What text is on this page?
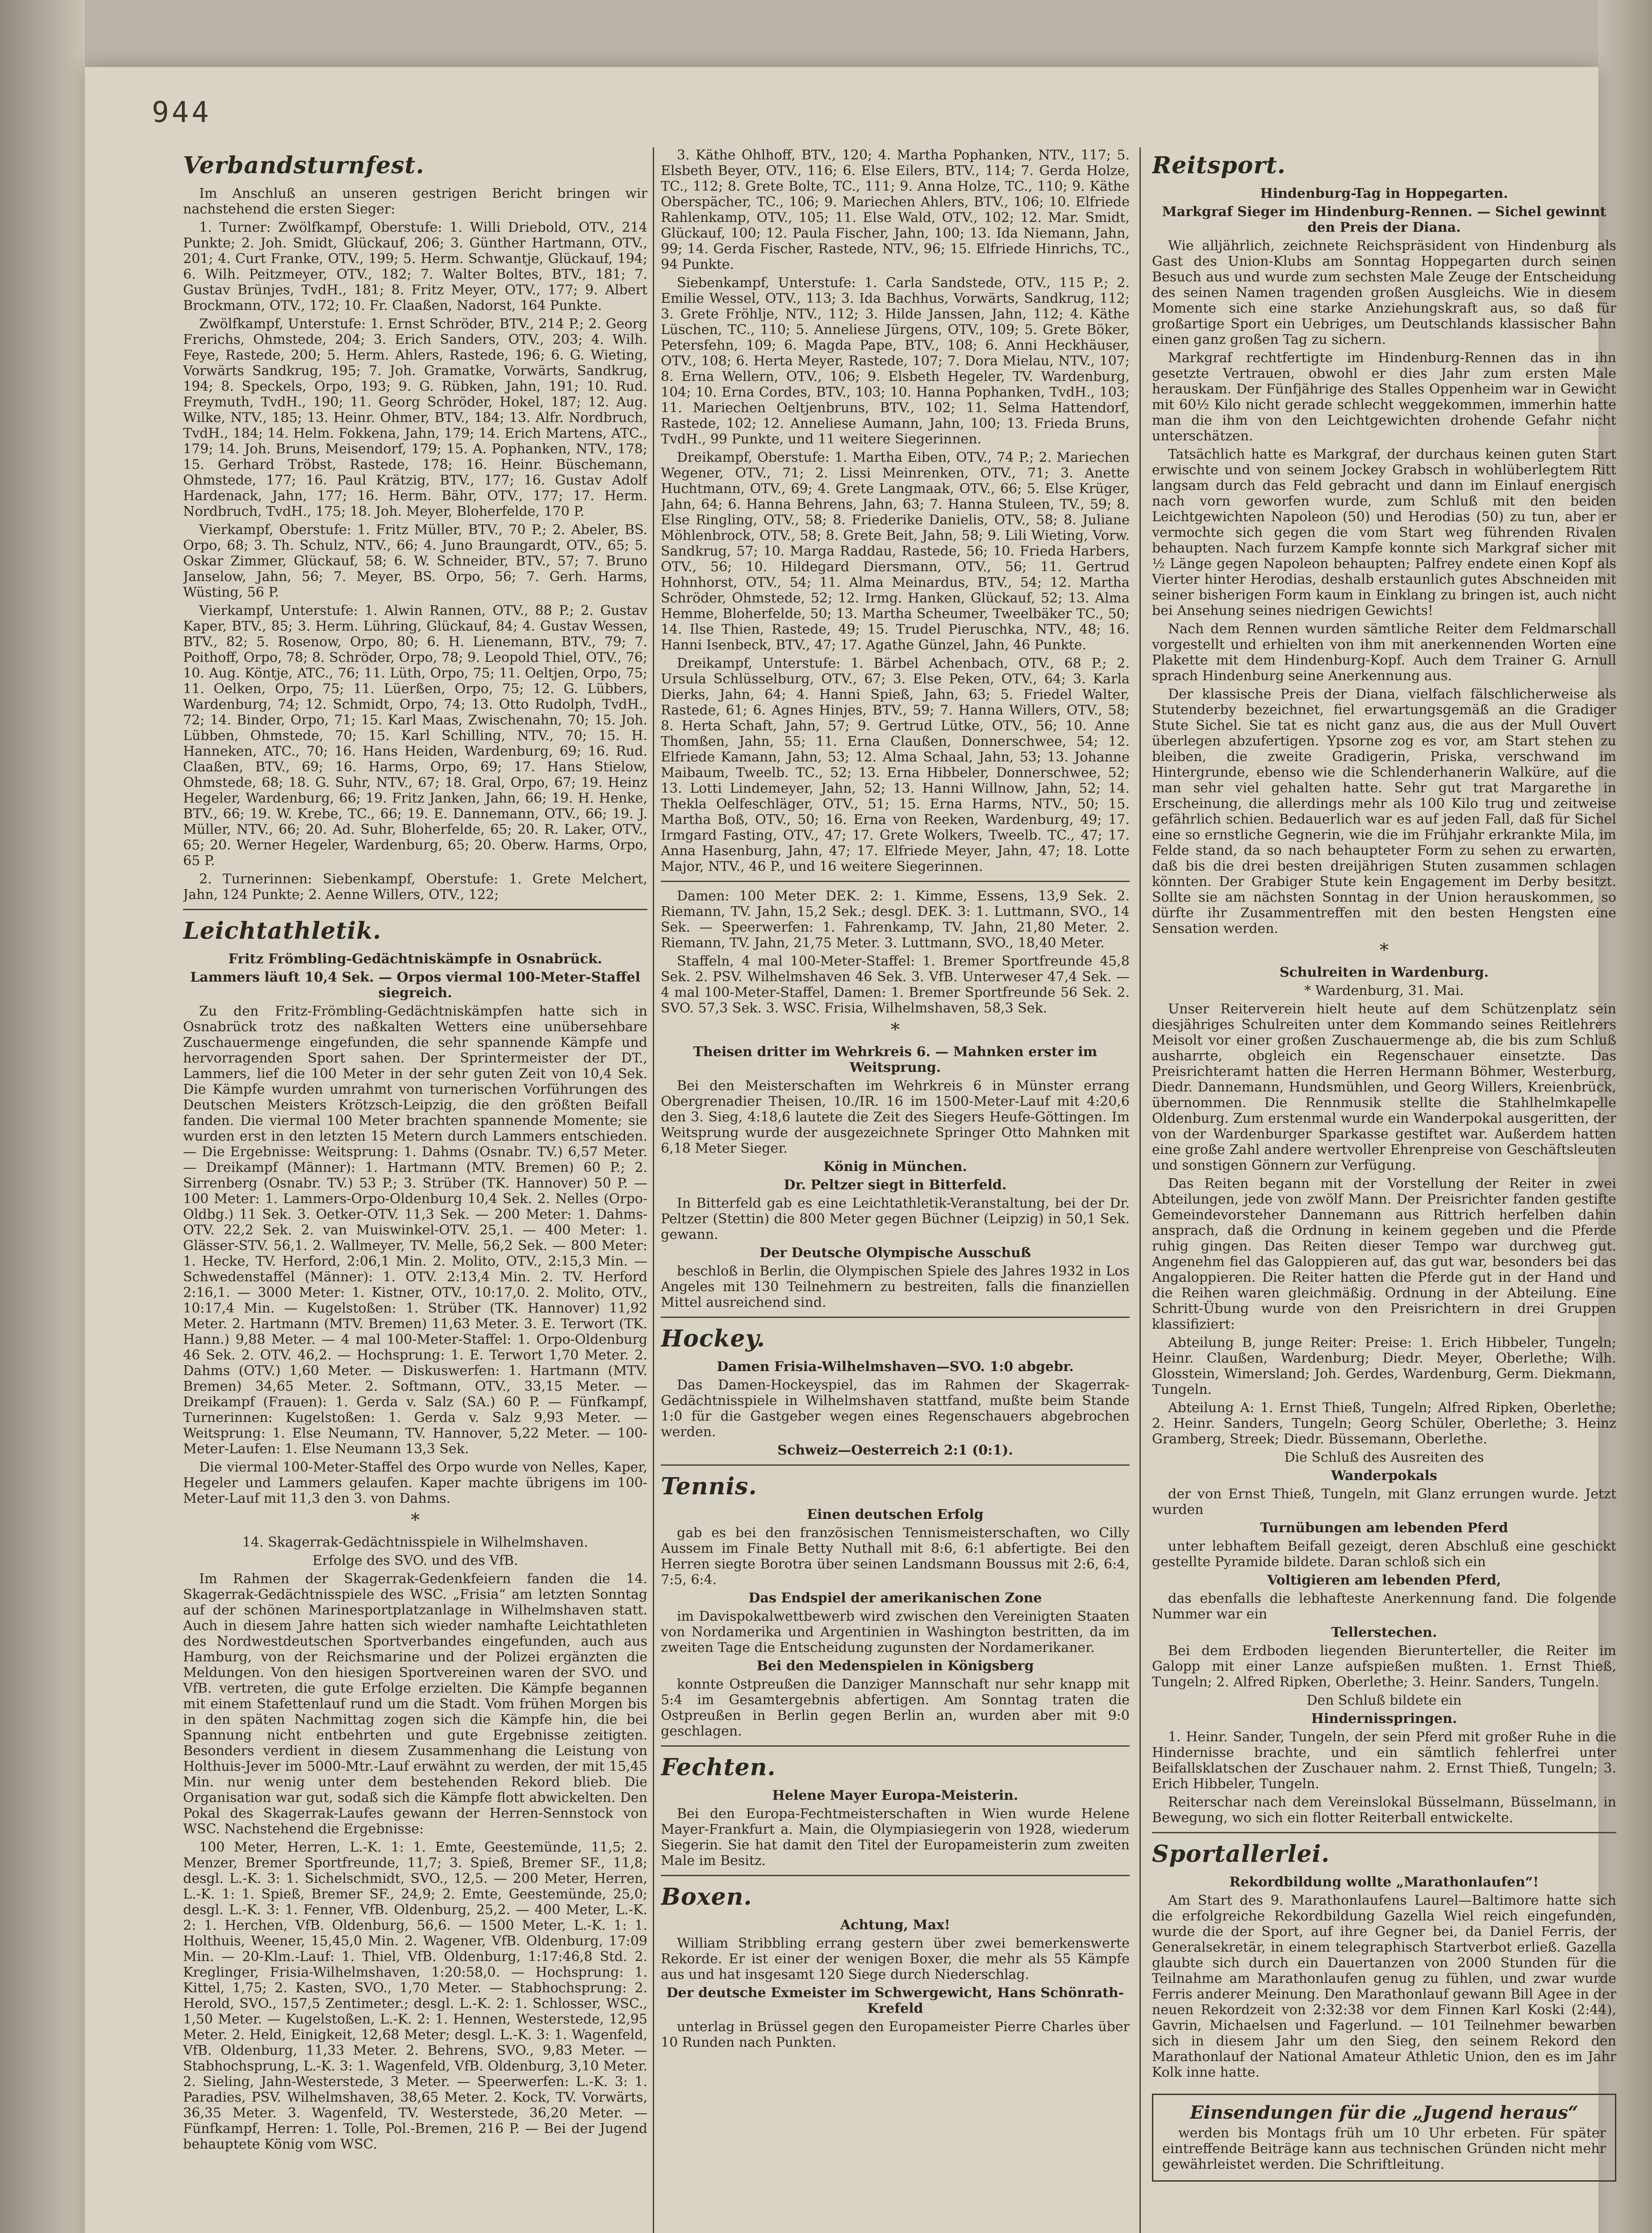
944
Verbandsturnfest.

Im Anschluß an unseren gestrigen Bericht bringen wir nachstehend die ersten Sieger:

1. Turner: Zwölfkampf, Oberstufe: 1. Willi Driebold, OTV., 214 Punkte; 2. Joh. Smidt, Glückauf, 206; 3. Günther Hartmann, OTV., 201; 4. Curt Franke, OTV., 199; 5. Herm. Schwantje, Glückauf, 194; 6. Wilh. Peitzmeyer, OTV., 182; 7. Walter Boltes, BTV., 181; 7. Gustav Brünjes, TvdH., 181; 8. Fritz Meyer, OTV., 177; 9. Albert Brockmann, OTV., 172; 10. Fr. Claaßen, Nadorst, 164 Punkte.

Zwölfkampf, Unterstufe: 1. Ernst Schröder, BTV., 214 P.; 2. Georg Frerichs, Ohmstede, 204; 3. Erich Sanders, OTV., 203; 4. Wilh. Feye, Rastede, 200; 5. Herm. Ahlers, Rastede, 196; 6. G. Wieting, Vorwärts Sandkrug, 195; 7. Joh. Gramatke, Vorwärts, Sandkrug, 194; 8. Speckels, Orpo, 193; 9. G. Rübken, Jahn, 191; 10. Rud. Freymuth, TvdH., 190; 11. Georg Schröder, Hokel, 187; 12. Aug. Wilke, NTV., 185; 13. Heinr. Ohmer, BTV., 184; 13. Alfr. Nordbruch, TvdH., 184; 14. Helm. Fokkena, Jahn, 179; 14. Erich Martens, ATC., 179; 14. Joh. Bruns, Meisendorf, 179; 15. A. Pophanken, NTV., 178; 15. Gerhard Tröbst, Rastede, 178; 16. Heinr. Büschemann, Ohmstede, 177; 16. Paul Krätzig, BTV., 177; 16. Gustav Adolf Hardenack, Jahn, 177; 16. Herm. Bähr, OTV., 177; 17. Herm. Nordbruch, TvdH., 175; 18. Joh. Meyer, Bloherfelde, 170 P.

Vierkampf, Oberstufe: 1. Fritz Müller, BTV., 70 P.; 2. Abeler, BS. Orpo, 68; 3. Th. Schulz, NTV., 66; 4. Juno Braungardt, OTV., 65; 5. Oskar Zimmer, Glückauf, 58; 6. W. Schneider, BTV., 57; 7. Bruno Janselow, Jahn, 56; 7. Meyer, BS. Orpo, 56; 7. Gerh. Harms, Wüsting, 56 P.

Vierkampf, Unterstufe: 1. Alwin Rannen, OTV., 88 P.; 2. Gustav Kaper, BTV., 85; 3. Herm. Lühring, Glückauf, 84; 4. Gustav Wessen, BTV., 82; 5. Rosenow, Orpo, 80; 6. H. Lienemann, BTV., 79; 7. Poithoff, Orpo, 78; 8. Schröder, Orpo, 78; 9. Leopold Thiel, OTV., 76; 10. Aug. Köntje, ATC., 76; 11. Lüth, Orpo, 75; 11. Oeltjen, Orpo, 75; 11. Oelken, Orpo, 75; 11. Lüerßen, Orpo, 75; 12. G. Lübbers, Wardenburg, 74; 12. Schmidt, Orpo, 74; 13. Otto Rudolph, TvdH., 72; 14. Binder, Orpo, 71; 15. Karl Maas, Zwischenahn, 70; 15. Joh. Lübben, Ohmstede, 70; 15. Karl Schilling, NTV., 70; 15. H. Hanneken, ATC., 70; 16. Hans Heiden, Wardenburg, 69; 16. Rud. Claaßen, BTV., 69; 16. Harms, Orpo, 69; 17. Hans Stielow, Ohmstede, 68; 18. G. Suhr, NTV., 67; 18. Gral, Orpo, 67; 19. Heinz Hegeler, Wardenburg, 66; 19. Fritz Janken, Jahn, 66; 19. H. Henke, BTV., 66; 19. W. Krebe, TC., 66; 19. E. Dannemann, OTV., 66; 19. J. Müller, NTV., 66; 20. Ad. Suhr, Bloherfelde, 65; 20. R. Laker, OTV., 65; 20. Werner Hegeler, Wardenburg, 65; 20. Oberw. Harms, Orpo, 65 P.

2. Turnerinnen: Siebenkampf, Oberstufe: 1. Grete Melchert, Jahn, 124 Punkte; 2. Aenne Willers, OTV., 122;

Leichtathletik.
Fritz Frömbling-Gedächtniskämpfe in Osnabrück.
Lammers läuft 10,4 Sek. — Orpos viermal 100-Meter-Staffel siegreich.

Zu den Fritz-Frömbling-Gedächtniskämpfen hatte sich in Osnabrück trotz des naßkalten Wetters eine unübersehbare Zuschauermenge eingefunden, die sehr spannende Kämpfe und hervorragenden Sport sahen. Der Sprintermeister der DT., Lammers, lief die 100 Meter in der sehr guten Zeit von 10,4 Sek. Die Kämpfe wurden umrahmt von turnerischen Vorführungen des Deutschen Meisters Krötzsch-Leipzig, die den größten Beifall fanden. Die viermal 100 Meter brachten spannende Momente; sie wurden erst in den letzten 15 Metern durch Lammers entschieden. — Die Ergebnisse: Weitsprung: 1. Dahms (Osnabr. TV.) 6,57 Meter. — Dreikampf (Männer): 1. Hartmann (MTV. Bremen) 60 P.; 2. Sirrenberg (Osnabr. TV.) 53 P.; 3. Strüber (TK. Hannover) 50 P. — 100 Meter: 1. Lammers-Orpo-Oldenburg 10,4 Sek. 2. Nelles (Orpo-Oldbg.) 11 Sek. 3. Oetker-OTV. 11,3 Sek. — 200 Meter: 1. Dahms-OTV. 22,2 Sek. 2. van Muiswinkel-OTV. 25,1. — 400 Meter: 1. Glässer-STV. 56,1. 2. Wallmeyer, TV. Melle, 56,2 Sek. — 800 Meter: 1. Hecke, TV. Herford, 2:06,1 Min. 2. Molito, OTV., 2:15,3 Min. — Schwedenstaffel (Männer): 1. OTV. 2:13,4 Min. 2. TV. Herford 2:16,1. — 3000 Meter: 1. Kistner, OTV., 10:17,0. 2. Molito, OTV., 10:17,4 Min. — Kugelstoßen: 1. Strüber (TK. Hannover) 11,92 Meter. 2. Hartmann (MTV. Bremen) 11,63 Meter. 3. E. Terwort (TK. Hann.) 9,88 Meter. — 4 mal 100-Meter-Staffel: 1. Orpo-Oldenburg 46 Sek. 2. OTV. 46,2. — Hochsprung: 1. E. Terwort 1,70 Meter. 2. Dahms (OTV.) 1,60 Meter. — Diskuswerfen: 1. Hartmann (MTV. Bremen) 34,65 Meter. 2. Softmann, OTV., 33,15 Meter. — Dreikampf (Frauen): 1. Gerda v. Salz (SA.) 60 P. — Fünfkampf, Turnerinnen: Kugelstoßen: 1. Gerda v. Salz 9,93 Meter. — Weitsprung: 1. Else Neumann, TV. Hannover, 5,22 Meter. — 100-Meter-Laufen: 1. Else Neumann 13,3 Sek.

Die viermal 100-Meter-Staffel des Orpo wurde von Nelles, Kaper, Hegeler und Lammers gelaufen. Kaper machte übrigens im 100-Meter-Lauf mit 11,3 den 3. von Dahms.

*
14. Skagerrak-Gedächtnisspiele in Wilhelmshaven.
Erfolge des SVO. und des VfB.

Im Rahmen der Skagerrak-Gedenkfeiern fanden die 14. Skagerrak-Gedächtnisspiele des WSC. „Frisia“ am letzten Sonntag auf der schönen Marinesportplatzanlage in Wilhelmshaven statt. Auch in diesem Jahre hatten sich wieder namhafte Leichtathleten des Nordwestdeutschen Sportverbandes eingefunden, auch aus Hamburg, von der Reichsmarine und der Polizei ergänzten die Meldungen. Von den hiesigen Sportvereinen waren der SVO. und VfB. vertreten, die gute Erfolge erzielten. Die Kämpfe begannen mit einem Stafettenlauf rund um die Stadt. Vom frühen Morgen bis in den späten Nachmittag zogen sich die Kämpfe hin, die bei Spannung nicht entbehrten und gute Ergebnisse zeitigten. Besonders verdient in diesem Zusammenhang die Leistung von Holthuis-Jever im 5000-Mtr.-Lauf erwähnt zu werden, der mit 15,45 Min. nur wenig unter dem bestehenden Rekord blieb. Die Organisation war gut, sodaß sich die Kämpfe flott abwickelten. Den Pokal des Skagerrak-Laufes gewann der Herren-Sennstock von WSC. Nachstehend die Ergebnisse:

100 Meter, Herren, L.-K. 1: 1. Emte, Geestemünde, 11,5; 2. Menzer, Bremer Sportfreunde, 11,7; 3. Spieß, Bremer SF., 11,8; desgl. L.-K. 3: 1. Sichelschmidt, SVO., 12,5. — 200 Meter, Herren, L.-K. 1: 1. Spieß, Bremer SF., 24,9; 2. Emte, Geestemünde, 25,0; desgl. L.-K. 3: 1. Fenner, VfB. Oldenburg, 25,2. — 400 Meter, L.-K. 2: 1. Herchen, VfB. Oldenburg, 56,6. — 1500 Meter, L.-K. 1: 1. Holthuis, Weener, 15,45,0 Min. 2. Wagener, VfB. Oldenburg, 17:09 Min. — 20-Klm.-Lauf: 1. Thiel, VfB. Oldenburg, 1:17:46,8 Std. 2. Kreglinger, Frisia-Wilhelmshaven, 1:20:58,0. — Hochsprung: 1. Kittel, 1,75; 2. Kasten, SVO., 1,70 Meter. — Stabhochsprung: 2. Herold, SVO., 157,5 Zentimeter.; desgl. L.-K. 2: 1. Schlosser, WSC., 1,50 Meter. — Kugelstoßen, L.-K. 2: 1. Hennen, Westerstede, 12,95 Meter. 2. Held, Einigkeit, 12,68 Meter; desgl. L.-K. 3: 1. Wagenfeld, VfB. Oldenburg, 11,33 Meter. 2. Behrens, SVO., 9,83 Meter. — Stabhochsprung, L.-K. 3: 1. Wagenfeld, VfB. Oldenburg, 3,10 Meter. 2. Sieling, Jahn-Westerstede, 3 Meter. — Speerwerfen: L.-K. 3: 1. Paradies, PSV. Wilhelmshaven, 38,65 Meter. 2. Kock, TV. Vorwärts, 36,35 Meter. 3. Wagenfeld, TV. Westerstede, 36,20 Meter. — Fünfkampf, Herren: 1. Tolle, Pol.-Bremen, 216 P. — Bei der Jugend behauptete König vom WSC.

3. Käthe Ohlhoff, BTV., 120; 4. Martha Pophanken, NTV., 117; 5. Elsbeth Beyer, OTV., 116; 6. Else Eilers, BTV., 114; 7. Gerda Holze, TC., 112; 8. Grete Bolte, TC., 111; 9. Anna Holze, TC., 110; 9. Käthe Oberspächer, TC., 106; 9. Mariechen Ahlers, BTV., 106; 10. Elfriede Rahlenkamp, OTV., 105; 11. Else Wald, OTV., 102; 12. Mar. Smidt, Glückauf, 100; 12. Paula Fischer, Jahn, 100; 13. Ida Niemann, Jahn, 99; 14. Gerda Fischer, Rastede, NTV., 96; 15. Elfriede Hinrichs, TC., 94 Punkte.

Siebenkampf, Unterstufe: 1. Carla Sandstede, OTV., 115 P.; 2. Emilie Wessel, OTV., 113; 3. Ida Bachhus, Vorwärts, Sandkrug, 112; 3. Grete Fröhlje, NTV., 112; 3. Hilde Janssen, Jahn, 112; 4. Käthe Lüschen, TC., 110; 5. Anneliese Jürgens, OTV., 109; 5. Grete Böker, Petersfehn, 109; 6. Magda Pape, BTV., 108; 6. Anni Heckhäuser, OTV., 108; 6. Herta Meyer, Rastede, 107; 7. Dora Mielau, NTV., 107; 8. Erna Wellern, OTV., 106; 9. Elsbeth Hegeler, TV. Wardenburg, 104; 10. Erna Cordes, BTV., 103; 10. Hanna Pophanken, TvdH., 103; 11. Mariechen Oeltjenbruns, BTV., 102; 11. Selma Hattendorf, Rastede, 102; 12. Anneliese Aumann, Jahn, 100; 13. Frieda Bruns, TvdH., 99 Punkte, und 11 weitere Siegerinnen.

Dreikampf, Oberstufe: 1. Martha Eiben, OTV., 74 P.; 2. Mariechen Wegener, OTV., 71; 2. Lissi Meinrenken, OTV., 71; 3. Anette Huchtmann, OTV., 69; 4. Grete Langmaak, OTV., 66; 5. Else Krüger, Jahn, 64; 6. Hanna Behrens, Jahn, 63; 7. Hanna Stuleen, TV., 59; 8. Else Ringling, OTV., 58; 8. Friederike Danielis, OTV., 58; 8. Juliane Möhlenbrock, OTV., 58; 8. Grete Beit, Jahn, 58; 9. Lili Wieting, Vorw. Sandkrug, 57; 10. Marga Raddau, Rastede, 56; 10. Frieda Harbers, OTV., 56; 10. Hildegard Diersmann, OTV., 56; 11. Gertrud Hohnhorst, OTV., 54; 11. Alma Meinardus, BTV., 54; 12. Martha Schröder, Ohmstede, 52; 12. Irmg. Hanken, Glückauf, 52; 13. Alma Hemme, Bloherfelde, 50; 13. Martha Scheumer, Tweelbäker TC., 50; 14. Ilse Thien, Rastede, 49; 15. Trudel Pieruschka, NTV., 48; 16. Hanni Isenbeck, BTV., 47; 17. Agathe Günzel, Jahn, 46 Punkte.

Dreikampf, Unterstufe: 1. Bärbel Achenbach, OTV., 68 P.; 2. Ursula Schlüsselburg, OTV., 67; 3. Else Peken, OTV., 64; 3. Karla Dierks, Jahn, 64; 4. Hanni Spieß, Jahn, 63; 5. Friedel Walter, Rastede, 61; 6. Agnes Hinjes, BTV., 59; 7. Hanna Willers, OTV., 58; 8. Herta Schaft, Jahn, 57; 9. Gertrud Lütke, OTV., 56; 10. Anne Thomßen, Jahn, 55; 11. Erna Claußen, Donnerschwee, 54; 12. Elfriede Kamann, Jahn, 53; 12. Alma Schaal, Jahn, 53; 13. Johanne Maibaum, Tweelb. TC., 52; 13. Erna Hibbeler, Donnerschwee, 52; 13. Lotti Lindemeyer, Jahn, 52; 13. Hanni Willnow, Jahn, 52; 14. Thekla Oelfeschläger, OTV., 51; 15. Erna Harms, NTV., 50; 15. Martha Boß, OTV., 50; 16. Erna von Reeken, Wardenburg, 49; 17. Irmgard Fasting, OTV., 47; 17. Grete Wolkers, Tweelb. TC., 47; 17. Anna Hasenburg, Jahn, 47; 17. Elfriede Meyer, Jahn, 47; 18. Lotte Major, NTV., 46 P., und 16 weitere Siegerinnen.

Damen: 100 Meter DEK. 2: 1. Kimme, Essens, 13,9 Sek. 2. Riemann, TV. Jahn, 15,2 Sek.; desgl. DEK. 3: 1. Luttmann, SVO., 14 Sek. — Speerwerfen: 1. Fahrenkamp, TV. Jahn, 21,80 Meter. 2. Riemann, TV. Jahn, 21,75 Meter. 3. Luttmann, SVO., 18,40 Meter.

Staffeln, 4 mal 100-Meter-Staffel: 1. Bremer Sportfreunde 45,8 Sek. 2. PSV. Wilhelmshaven 46 Sek. 3. VfB. Unterweser 47,4 Sek. — 4 mal 100-Meter-Staffel, Damen: 1. Bremer Sportfreunde 56 Sek. 2. SVO. 57,3 Sek. 3. WSC. Frisia, Wilhelmshaven, 58,3 Sek.

*
Theisen dritter im Wehrkreis 6. — Mahnken erster im Weitsprung.

Bei den Meisterschaften im Wehrkreis 6 in Münster errang Obergrenadier Theisen, 10./IR. 16 im 1500-Meter-Lauf mit 4:20,6 den 3. Sieg, 4:18,6 lautete die Zeit des Siegers Heufe-Göttingen. Im Weitsprung wurde der ausgezeichnete Springer Otto Mahnken mit 6,18 Meter Sieger.

König in München.
Dr. Peltzer siegt in Bitterfeld.

In Bitterfeld gab es eine Leichtathletik-Veranstaltung, bei der Dr. Peltzer (Stettin) die 800 Meter gegen Büchner (Leipzig) in 50,1 Sek. gewann.

Der Deutsche Olympische Ausschuß

beschloß in Berlin, die Olympischen Spiele des Jahres 1932 in Los Angeles mit 130 Teilnehmern zu bestreiten, falls die finanziellen Mittel ausreichend sind.

Hockey.
Damen Frisia-Wilhelmshaven—SVO. 1:0 abgebr.

Das Damen-Hockeyspiel, das im Rahmen der Skagerrak-Gedächtnisspiele in Wilhelmshaven stattfand, mußte beim Stande 1:0 für die Gastgeber wegen eines Regenschauers abgebrochen werden.

Schweiz—Oesterreich 2:1 (0:1).
Tennis.
Einen deutschen Erfolg

gab es bei den französischen Tennismeisterschaften, wo Cilly Aussem im Finale Betty Nuthall mit 8:6, 6:1 abfertigte. Bei den Herren siegte Borotra über seinen Landsmann Boussus mit 2:6, 6:4, 7:5, 6:4.

Das Endspiel der amerikanischen Zone

im Davispokalwettbewerb wird zwischen den Vereinigten Staaten von Nordamerika und Argentinien in Washington bestritten, da im zweiten Tage die Entscheidung zugunsten der Nordamerikaner.

Bei den Medenspielen in Königsberg

konnte Ostpreußen die Danziger Mannschaft nur sehr knapp mit 5:4 im Gesamtergebnis abfertigen. Am Sonntag traten die Ostpreußen in Berlin gegen Berlin an, wurden aber mit 9:0 geschlagen.

Fechten.
Helene Mayer Europa-Meisterin.

Bei den Europa-Fechtmeisterschaften in Wien wurde Helene Mayer-Frankfurt a. Main, die Olympiasiegerin von 1928, wiederum Siegerin. Sie hat damit den Titel der Europameisterin zum zweiten Male im Besitz.

Boxen.
Achtung, Max!

William Stribbling errang gestern über zwei bemerkenswerte Rekorde. Er ist einer der wenigen Boxer, die mehr als 55 Kämpfe aus und hat insgesamt 120 Siege durch Niederschlag.

Der deutsche Exmeister im Schwergewicht, Hans Schönrath-Krefeld

unterlag in Brüssel gegen den Europameister Pierre Charles über 10 Runden nach Punkten.

Reitsport.
Hindenburg-Tag in Hoppegarten.
Markgraf Sieger im Hindenburg-Rennen. — Sichel gewinnt den Preis der Diana.

Wie alljährlich, zeichnete Reichspräsident von Hindenburg als Gast des Union-Klubs am Sonntag Hoppegarten durch seinen Besuch aus und wurde zum sechsten Male Zeuge der Entscheidung des seinen Namen tragenden großen Ausgleichs. Wie in diesem Momente sich eine starke Anziehungskraft aus, so daß für großartige Sport ein Uebriges, um Deutschlands klassischer Bahn einen ganz großen Tag zu sichern.

Markgraf rechtfertigte im Hindenburg-Rennen das in ihn gesetzte Vertrauen, obwohl er dies Jahr zum ersten Male herauskam. Der Fünfjährige des Stalles Oppenheim war in Gewicht mit 60½ Kilo nicht gerade schlecht weggekommen, immerhin hatte man die ihm von den Leichtgewichten drohende Gefahr nicht unterschätzen.

Tatsächlich hatte es Markgraf, der durchaus keinen guten Start erwischte und von seinem Jockey Grabsch in wohlüberlegtem Ritt langsam durch das Feld gebracht und dann im Einlauf energisch nach vorn geworfen wurde, zum Schluß mit den beiden Leichtgewichten Napoleon (50) und Herodias (50) zu tun, aber er vermochte sich gegen die vom Start weg führenden Rivalen behaupten. Nach furzem Kampfe konnte sich Markgraf sicher mit ½ Länge gegen Napoleon behaupten; Palfrey endete einen Kopf als Vierter hinter Herodias, deshalb erstaunlich gutes Abschneiden mit seiner bisherigen Form kaum in Einklang zu bringen ist, auch nicht bei Ansehung seines niedrigen Gewichts!

Nach dem Rennen wurden sämtliche Reiter dem Feldmarschall vorgestellt und erhielten von ihm mit anerkennenden Worten eine Plakette mit dem Hindenburg-Kopf. Auch dem Trainer G. Arnull sprach Hindenburg seine Anerkennung aus.

Der klassische Preis der Diana, vielfach fälschlicherweise als Stutenderby bezeichnet, fiel erwartungsgemäß an die Gradiger Stute Sichel. Sie tat es nicht ganz aus, die aus der Mull Ouvert überlegen abzufertigen. Ypsorne zog es vor, am Start stehen zu bleiben, die zweite Gradigerin, Priska, verschwand im Hintergrunde, ebenso wie die Schlenderhanerin Walküre, auf die man sehr viel gehalten hatte. Sehr gut trat Margarethe in Erscheinung, die allerdings mehr als 100 Kilo trug und zeitweise gefährlich schien. Bedauerlich war es auf jeden Fall, daß für Sichel eine so ernstliche Gegnerin, wie die im Frühjahr erkrankte Mila, im Felde stand, da so nach behaupteter Form zu sehen zu erwarten, daß bis die drei besten dreijährigen Stuten zusammen schlagen könnten. Der Grabiger Stute kein Engagement im Derby besitzt. Sollte sie am nächsten Sonntag in der Union herauskommen, so dürfte ihr Zusammentreffen mit den besten Hengsten eine Sensation werden.

*
Schulreiten in Wardenburg.
* Wardenburg, 31. Mai.

Unser Reiterverein hielt heute auf dem Schützenplatz sein diesjähriges Schulreiten unter dem Kommando seines Reitlehrers Meisolt vor einer großen Zuschauermenge ab, die bis zum Schluß ausharrte, obgleich ein Regenschauer einsetzte. Das Preisrichteramt hatten die Herren Hermann Böhmer, Westerburg, Diedr. Dannemann, Hundsmühlen, und Georg Willers, Kreienbrück, übernommen. Die Rennmusik stellte die Stahlhelmkapelle Oldenburg. Zum erstenmal wurde ein Wanderpokal ausgeritten, der von der Wardenburger Sparkasse gestiftet war. Außerdem hatten eine große Zahl andere wertvoller Ehrenpreise von Geschäftsleuten und sonstigen Gönnern zur Verfügung.

Das Reiten begann mit der Vorstellung der Reiter in zwei Abteilungen, jede von zwölf Mann. Der Preisrichter fanden gestifte Gemeindevorsteher Dannemann aus Rittrich herfelben dahin ansprach, daß die Ordnung in keinem gegeben und die Pferde ruhig gingen. Das Reiten dieser Tempo war durchweg gut. Angenehm fiel das Galoppieren auf, das gut war, besonders bei das Angaloppieren. Die Reiter hatten die Pferde gut in der Hand und die Reihen waren gleichmäßig. Ordnung in der Abteilung. Eine Schritt-Übung wurde von den Preisrichtern in drei Gruppen klassifiziert:

Abteilung B, junge Reiter: Preise: 1. Erich Hibbeler, Tungeln; Heinr. Claußen, Wardenburg; Diedr. Meyer, Oberlethe; Wilh. Glosstein, Wimersland; Joh. Gerdes, Wardenburg, Germ. Diekmann, Tungeln.

Abteilung A: 1. Ernst Thieß, Tungeln; Alfred Ripken, Oberlethe; 2. Heinr. Sanders, Tungeln; Georg Schüler, Oberlethe; 3. Heinz Gramberg, Streek; Diedr. Büssemann, Oberlethe.

Die Schluß des Ausreiten des
Wanderpokals

der von Ernst Thieß, Tungeln, mit Glanz errungen wurde. Jetzt wurden

Turnübungen am lebenden Pferd

unter lebhaftem Beifall gezeigt, deren Abschluß eine geschickt gestellte Pyramide bildete. Daran schloß sich ein

Voltigieren am lebenden Pferd,

das ebenfalls die lebhafteste Anerkennung fand. Die folgende Nummer war ein

Tellerstechen.

Bei dem Erdboden liegenden Bierunterteller, die Reiter im Galopp mit einer Lanze aufspießen mußten. 1. Ernst Thieß, Tungeln; 2. Alfred Ripken, Oberlethe; 3. Heinr. Sanders, Tungeln.

Den Schluß bildete ein
Hindernisspringen.

1. Heinr. Sander, Tungeln, der sein Pferd mit großer Ruhe in die Hindernisse brachte, und ein sämtlich fehlerfrei unter Beifallsklatschen der Zuschauer nahm. 2. Ernst Thieß, Tungeln; 3. Erich Hibbeler, Tungeln.

Reiterschar nach dem Vereinslokal Büsselmann, Büsselmann, in Bewegung, wo sich ein flotter Reiterball entwickelte.

Sportallerlei.
Rekordbildung wollte „Marathonlaufen“!

Am Start des 9. Marathonlaufens Laurel—Baltimore hatte sich die erfolgreiche Rekordbildung Gazella Wiel reich eingefunden, wurde die der Sport, auf ihre Gegner bei, da Daniel Ferris, der Generalsekretär, in einem telegraphisch Startverbot erließ. Gazella glaubte sich durch ein Dauertanzen von 2000 Stunden für die Teilnahme am Marathonlaufen genug zu fühlen, und zwar wurde Ferris anderer Meinung. Den Marathonlauf gewann Bill Agee in der neuen Rekordzeit von 2:32:38 vor dem Finnen Karl Koski (2:44), Gavrin, Michaelsen und Fagerlund. — 101 Teilnehmer bewarben sich in diesem Jahr um den Sieg, den seinem Rekord den Marathonlauf der National Amateur Athletic Union, den es im Jahr Kolk inne hatte.

Einsendungen für die „Jugend heraus“

werden bis Montags früh um 10 Uhr erbeten. Für später eintreffende Beiträge kann aus technischen Gründen nicht mehr gewährleistet werden. Die Schriftleitung.
